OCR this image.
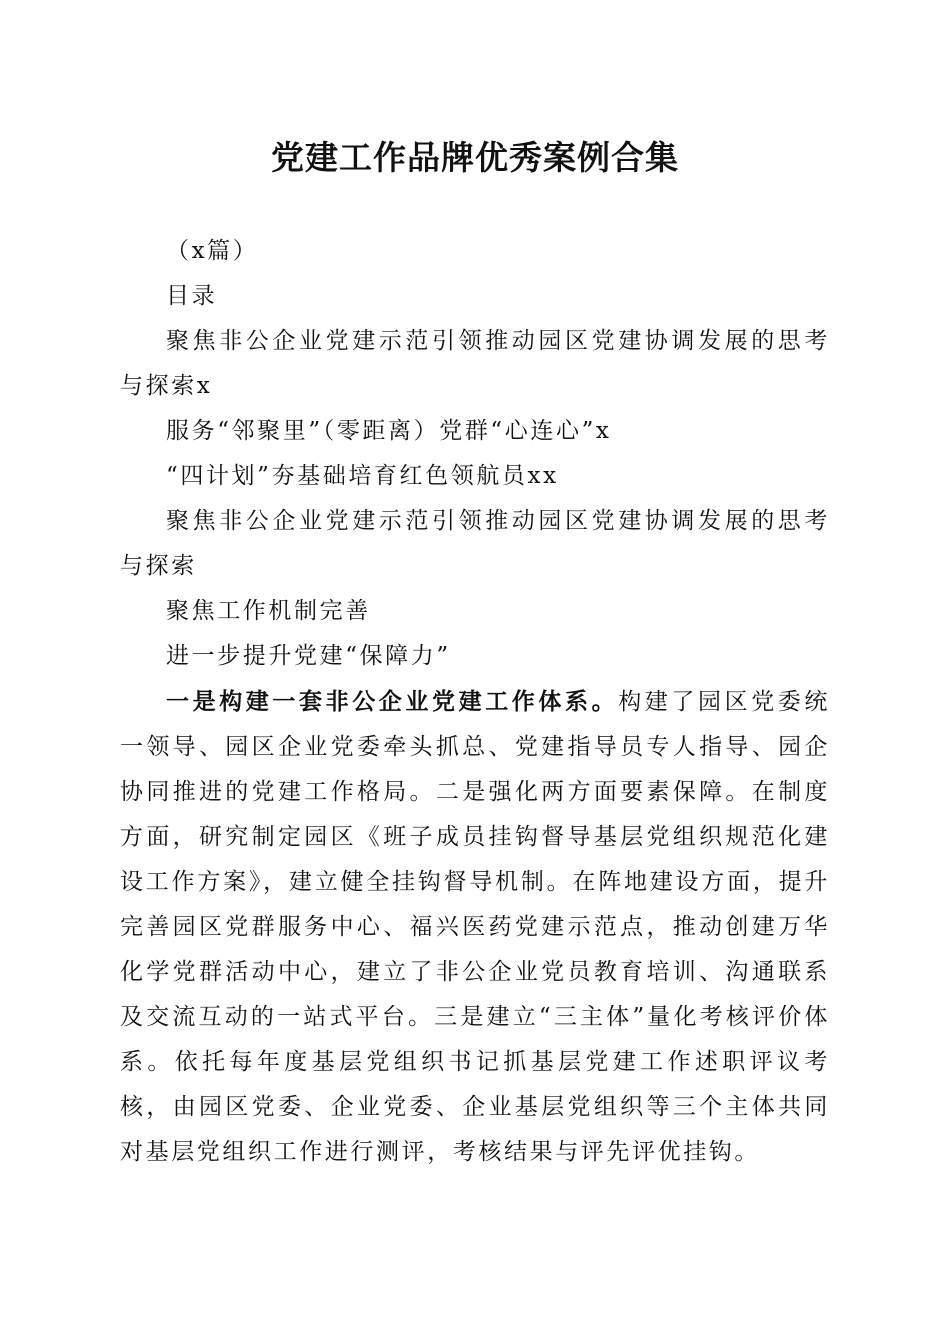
党建工作品牌优秀案例合集

（x篇）

目录

聚焦非公企业党建示范引领推动园区党建协调发展的思考与探索x

服务“邻聚里”（零距离）党群“心连心”x

“四计划”夯基础培育红色领航员xx

聚焦非公企业党建示范引领推动园区党建协调发展的思考与探索

聚焦工作机制完善

进一步提升党建“保障力”

一是构建一套非公企业党建工作体系。构建了园区党委统一领导、园区企业党委牵头抓总、党建指导员专人指导、园企协同推进的党建工作格局。二是强化两方面要素保障。在制度方面，研究制定园区《班子成员挂钩督导基层党组织规范化建设工作方案》，建立健全挂钩督导机制。在阵地建设方面，提升完善园区党群服务中心、福兴医药党建示范点，推动创建万华化学党群活动中心，建立了非公企业党员教育培训、沟通联系及交流互动的一站式平台。三是建立“三主体”量化考核评价体系。依托每年度基层党组织书记抓基层党建工作述职评议考核，由园区党委、企业党委、企业基层党组织等三个主体共同对基层党组织工作进行测评，考核结果与评先评优挂钩。
